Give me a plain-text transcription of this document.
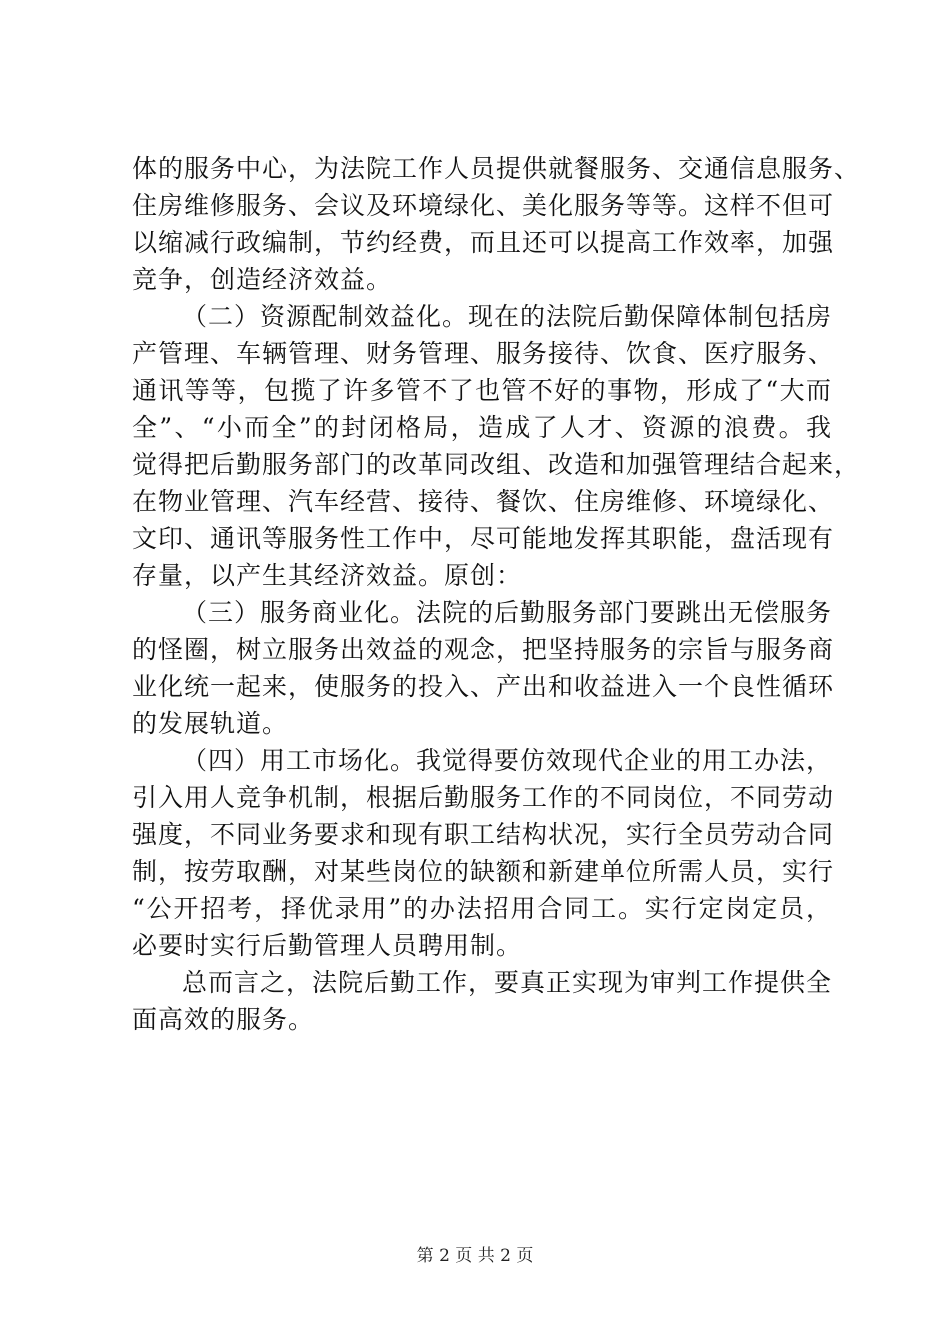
体的服务中心，为法院工作人员提供就餐服务、交通信息服务、
住房维修服务、会议及环境绿化、美化服务等等。这样不但可
以缩减行政编制，节约经费，而且还可以提高工作效率，加强
竞争，创造经济效益。
（二）资源配制效益化。现在的法院后勤保障体制包括房
产管理、车辆管理、财务管理、服务接待、饮食、医疗服务、
通讯等等，包揽了许多管不了也管不好的事物，形成了“大而
全”、“小而全”的封闭格局，造成了人才、资源的浪费。我
觉得把后勤服务部门的改革同改组、改造和加强管理结合起来，
在物业管理、汽车经营、接待、餐饮、住房维修、环境绿化、
文印、通讯等服务性工作中，尽可能地发挥其职能，盘活现有
存量，以产生其经济效益。原创：
（三）服务商业化。法院的后勤服务部门要跳出无偿服务
的怪圈，树立服务出效益的观念，把坚持服务的宗旨与服务商
业化统一起来，使服务的投入、产出和收益进入一个良性循环
的发展轨道。
（四）用工市场化。我觉得要仿效现代企业的用工办法，
引入用人竞争机制，根据后勤服务工作的不同岗位，不同劳动
强度，不同业务要求和现有职工结构状况，实行全员劳动合同
制，按劳取酬，对某些岗位的缺额和新建单位所需人员，实行
“公开招考，择优录用”的办法招用合同工。实行定岗定员，
必要时实行后勤管理人员聘用制。
总而言之，法院后勤工作，要真正实现为审判工作提供全
面高效的服务。
第 2 页 共 2 页
